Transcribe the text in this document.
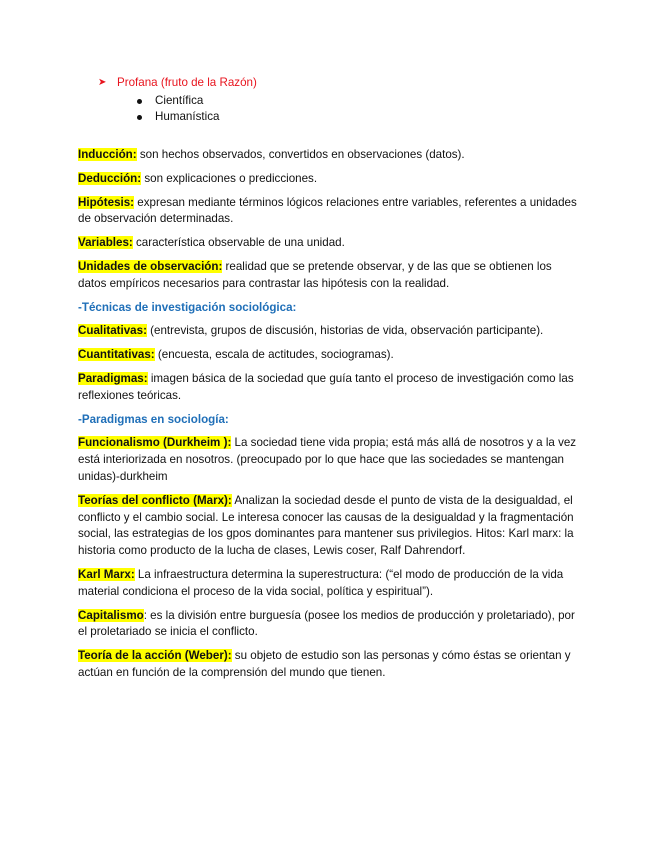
➤ Profana (fruto de la Razón)
Científica
Humanística

Inducción: son hechos observados, convertidos en observaciones (datos).

Deducción: son explicaciones o predicciones.

Hipótesis: expresan mediante términos lógicos relaciones entre variables, referentes a unidades de observación determinadas.

Variables: característica observable de una unidad.

Unidades de observación: realidad que se pretende observar, y de las que se obtienen los datos empíricos necesarios para contrastar las hipótesis con la realidad.

-Técnicas de investigación sociológica:

Cualitativas: (entrevista, grupos de discusión, historias de vida, observación participante).

Cuantitativas: (encuesta, escala de actitudes, sociogramas).

Paradigmas: imagen básica de la sociedad que guía tanto el proceso de investigación como las reflexiones teóricas.

-Paradigmas en sociología:

Funcionalismo (Durkheim ): La sociedad tiene vida propia; está más allá de nosotros y a la vez está interiorizada en nosotros. (preocupado por lo que hace que las sociedades se mantengan unidas)-durkheim

Teorías del conflicto (Marx): Analizan la sociedad desde el punto de vista de la desigualdad, el conflicto y el cambio social. Le interesa conocer las causas de la desigualdad y la fragmentación social, las estrategias de los gpos dominantes para mantener sus privilegios. Hitos: Karl marx: la historia como producto de la lucha de clases, Lewis coser, Ralf Dahrendorf.

Karl Marx: La infraestructura determina la superestructura: (“el modo de producción de la vida material condiciona el proceso de la vida social, política y espiritual”).

Capitalismo: es la división entre burguesía (posee los medios de producción y proletariado), por el proletariado se inicia el conflicto.

Teoría de la acción (Weber): su objeto de estudio son las personas y cómo éstas se orientan y actúan en función de la comprensión del mundo que tienen.
